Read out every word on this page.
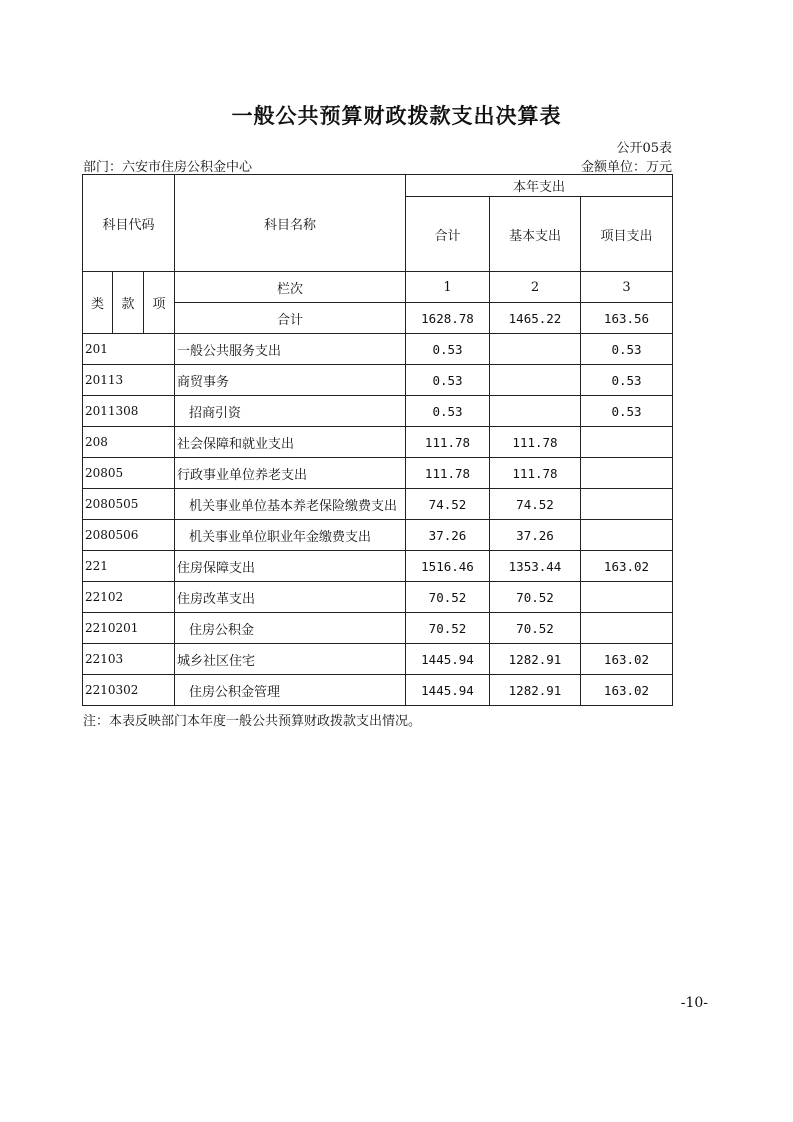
一般公共预算财政拨款支出决算表
公开05表
部门：六安市住房公积金中心	金额单位：万元
科目代码			科目名称	本年支出		
				合计	基本支出	项目支出

类	款	项	栏次	1	2	3
			合计	1628.78	1465.22	163.56
201			一般公共服务支出	0.53		0.53
20113			商贸事务	0.53		0.53
2011308			招商引资	0.53		0.53
208			社会保障和就业支出	111.78	111.78	
20805			行政事业单位养老支出	111.78	111.78	
2080505			机关事业单位基本养老保险缴费支出	74.52	74.52	
2080506			机关事业单位职业年金缴费支出	37.26	37.26	
221			住房保障支出	1516.46	1353.44	163.02
22102			住房改革支出	70.52	70.52	
2210201			住房公积金	70.52	70.52	
22103			城乡社区住宅	1445.94	1282.91	163.02
2210302			住房公积金管理	1445.94	1282.91	163.02
注：本表反映部门本年度一般公共预算财政拨款支出情况。
-10-
